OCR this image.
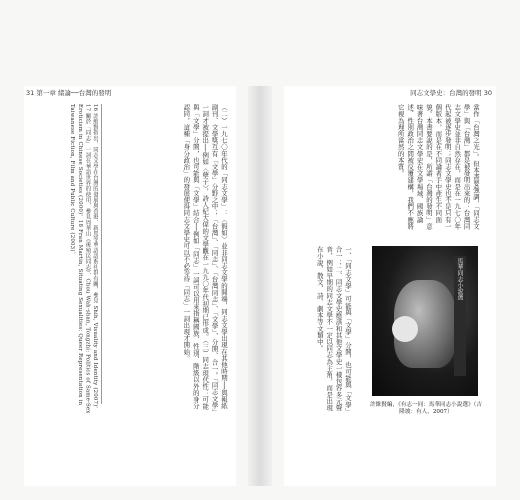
31 第一章 緒論──台灣的發明	同志文學史：台灣的發明 30
（二）一九七〇年代的「同志文學」：〈假如〉並非同志文學的開端，同志文學出現在其他時期──與報紙副刊、文學獎互有「文學」分野之中；「台灣」、「同志」、「台灣同志」、「文學」，分開、合一。「同志文學」一詞才被提出──例如〈孽子〉，詩人紀大偉的文學觀在一九九〇年代初期已形成。（三）同志現代性：可能與「文學」分開，也可能與「文學」結合──例如「同志」一詞可以用來指稱國族、性別、階級以外的身分認同，這種「身分政治」的發展使得同志文學史可以不必等待「同志」一詞出現才開始。
16 許維賢指出，同志文學在台灣的發展與香港、新馬等華語語系社群有關，參見 Shih, Visuality and Identity (2007)。17 關於「同志」一詞在華語世界的使用，參見周華山《後殖民同志》、Chou Wah-shan, Tongzhi: Politics of Same-Sex Eroticism in Chinese Societies (2000)。18 Fran Martin, Situating Sexualities: Queer Representation in Taiwanese Fiction, Film and Public Culture (2003)。	當作「台灣之光」。但本書要強調，「同志文學」與「台灣」都是被發明出來的：台灣同志文學史並非自然存在，而是在一九七〇年代起被逐步發明；同志文學史也不是只有一個版本，而是在不同論者手中產生不同面貌。本書要說的是，所謂「台灣的發明」意味著台灣同志文學史在文學場域、國族論述、性別政治之間被反覆建構，我們不應將它視為理所當然的本質。
一、「同志文學」可能與「文學」分開，也可能與「文學」合一；二、同志文學史應該和其他文學史一樣包容多元聲音，例如早期的同志文學不一定以同志為主角，而是出現在小說、散文、詩、劇本等文類中。	馬華同志小說選
許維賢編，《有志一同：馬華同志小說選》（吉隆坡：有人，2007）
